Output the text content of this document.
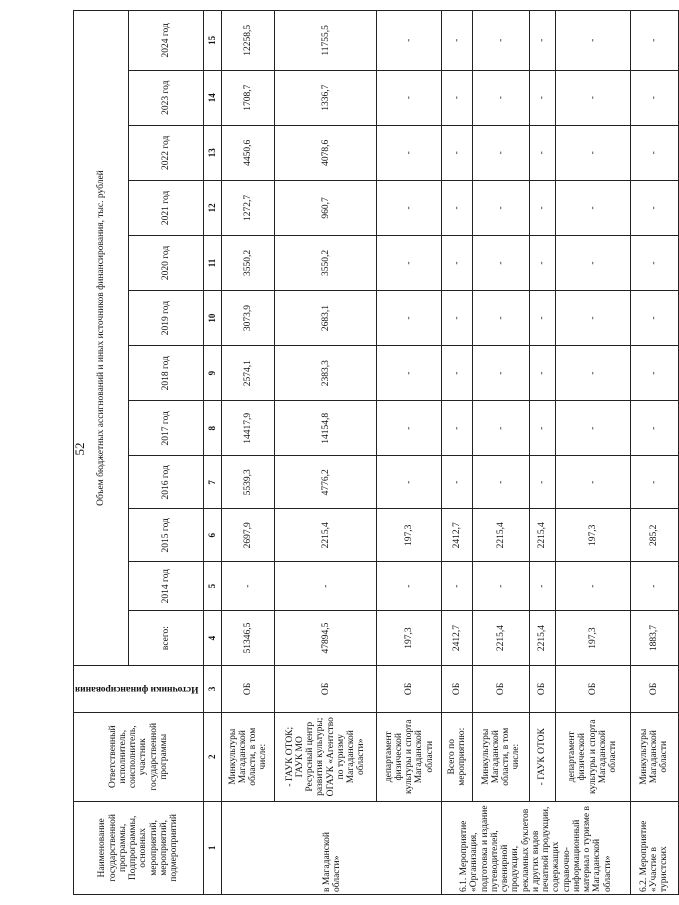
52
Наименование государственной программы, Подпрограммы, основных мероприятий, мероприятий, подмероприятий	Ответственный исполнитель, соисполнитель, участник государственной программы	Источники финансирования	Объем бюджетных ассигнований и иных источников финансирования, тыс. рублей											
			всего:	2014 год	2015 год	2016 год	2017 год	2018 год	2019 год	2020 год	2021 год	2022 год	2023 год	2024 год
1	2	3	4	5	6	7	8	9	10	11	12	13	14	15
в Магаданской области»	Минкультуры Магаданской области, в том числе:	ОБ	51346,5	-	2697,9	5539,3	14417,9	2574,1	3073,9	3550,2	1272,7	4450,6	1708,7	12258,5
	- ГАУК ОТОК; ГАУК МО Ресурсный центр развития культуры; ОГАУК «Агентство по туризму Магаданской области»	ОБ	47894,5	-	2215,4	4776,2	14154,8	2383,3	2683,1	3550,2	960,7	4078,6	1336,7	11755,5
	департамент физической культуры и спорта Магаданской области	ОБ	197,3	-	197,3	-	-	-	-	-	-	-	-	-
6.1. Мероприятие «Организация, подготовка и издание путеводителей, сувенирной продукции, рекламных буклетов и других видов печатной продукции, содержащих справочно-информационный материал о туризме в Магаданской области»	Всего по мероприятию:	ОБ	2412,7	-	2412,7	-	-	-	-	-	-	-	-	-
	Минкультуры Магаданской области, в том числе:	ОБ	2215,4	-	2215,4	-	-	-	-	-	-	-	-	-
	- ГАУК ОТОК	ОБ	2215,4	-	2215,4	-	-	-	-	-	-	-	-	-
	департамент физической культуры и спорта Магаданской области	ОБ	197,3	-	197,3	-	-	-	-	-	-	-	-	-
6.2. Мероприятие «Участие в туристских	Минкультуры Магаданской области	ОБ	1883,7	-	285,2	-	-	-	-	-	-	-	-	-
